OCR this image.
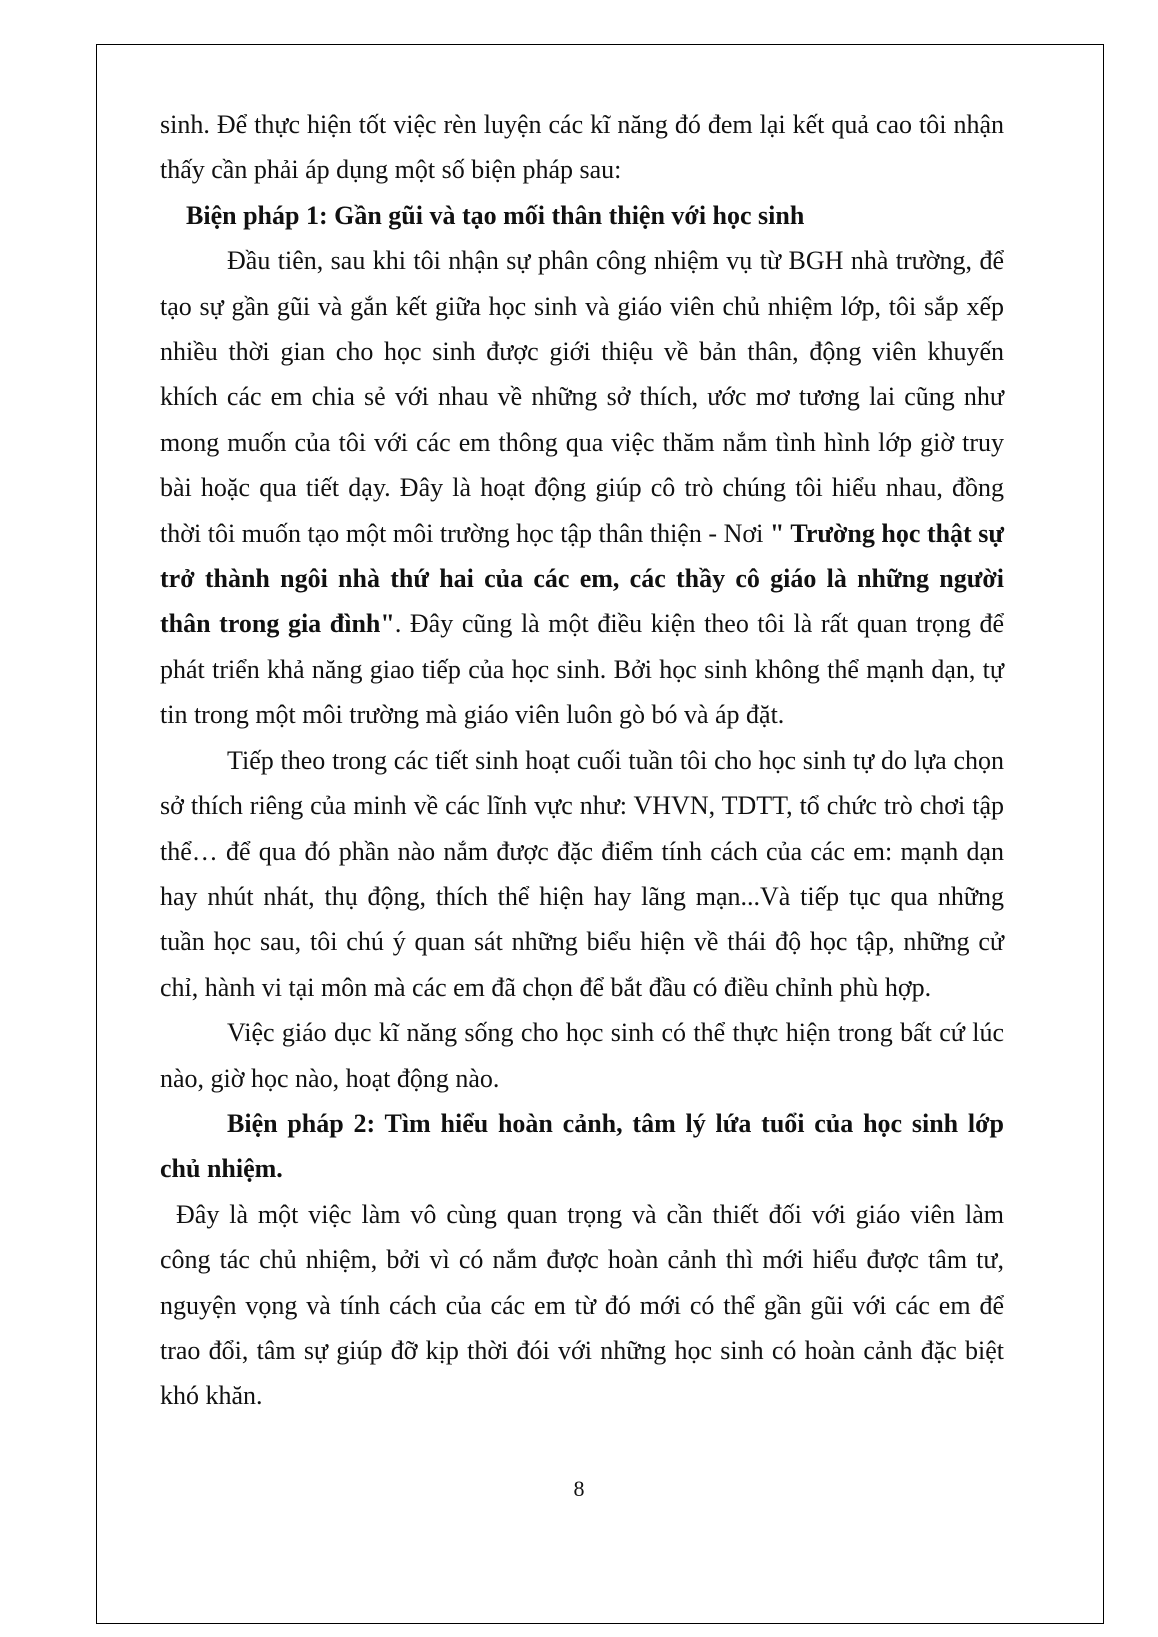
sinh. Để thực hiện tốt việc rèn luyện các kĩ năng đó đem lại kết quả cao tôi nhận thấy cần phải áp dụng một số biện pháp sau:

Biện pháp 1: Gần gũi và tạo mối thân thiện với học sinh

Đầu tiên, sau khi tôi nhận sự phân công nhiệm vụ từ BGH nhà trường, để tạo sự gần gũi và gắn kết giữa học sinh và giáo viên chủ nhiệm lớp, tôi sắp xếp nhiều thời gian cho học sinh được giới thiệu về bản thân, động viên khuyến khích các em chia sẻ với nhau về những sở thích, ước mơ tương lai cũng như mong muốn của tôi với các em thông qua việc thăm nắm tình hình lớp giờ truy bài hoặc qua tiết dạy. Đây là hoạt động giúp cô trò chúng tôi hiểu nhau, đồng thời tôi muốn tạo một môi trường học tập thân thiện - Nơi " Trường học thật sự trở thành ngôi nhà thứ hai của các em, các thầy cô giáo là những người thân trong gia đình". Đây cũng là một điều kiện theo tôi là rất quan trọng để phát triển khả năng giao tiếp của học sinh. Bởi học sinh không thể mạnh dạn, tự tin trong một môi trường mà giáo viên luôn gò bó và áp đặt.

Tiếp theo trong các tiết sinh hoạt cuối tuần tôi cho học sinh tự do lựa chọn sở thích riêng của minh về các lĩnh vực như: VHVN, TDTT, tổ chức trò chơi tập thể… để qua đó phần nào nắm được đặc điểm tính cách của các em: mạnh dạn hay nhút nhát, thụ động, thích thể hiện hay lãng mạn...Và tiếp tục qua những tuần học sau, tôi chú ý quan sát những biểu hiện về thái độ học tập, những cử chỉ, hành vi tại môn mà các em đã chọn để bắt đầu có điều chỉnh phù hợp.

Việc giáo dục kĩ năng sống cho học sinh có thể thực hiện trong bất cứ lúc nào, giờ học nào, hoạt động nào.

Biện pháp 2: Tìm hiểu hoàn cảnh, tâm lý lứa tuổi của học sinh lớp chủ nhiệm.

Đây là một việc làm vô cùng quan trọng và cần thiết đối với giáo viên làm công tác chủ nhiệm, bởi vì có nắm được hoàn cảnh thì mới hiểu được tâm tư, nguyện vọng và tính cách của các em từ đó mới có thể gần gũi với các em để trao đổi, tâm sự giúp đỡ kịp thời đói với những học sinh có hoàn cảnh đặc biệt khó khăn.

8
